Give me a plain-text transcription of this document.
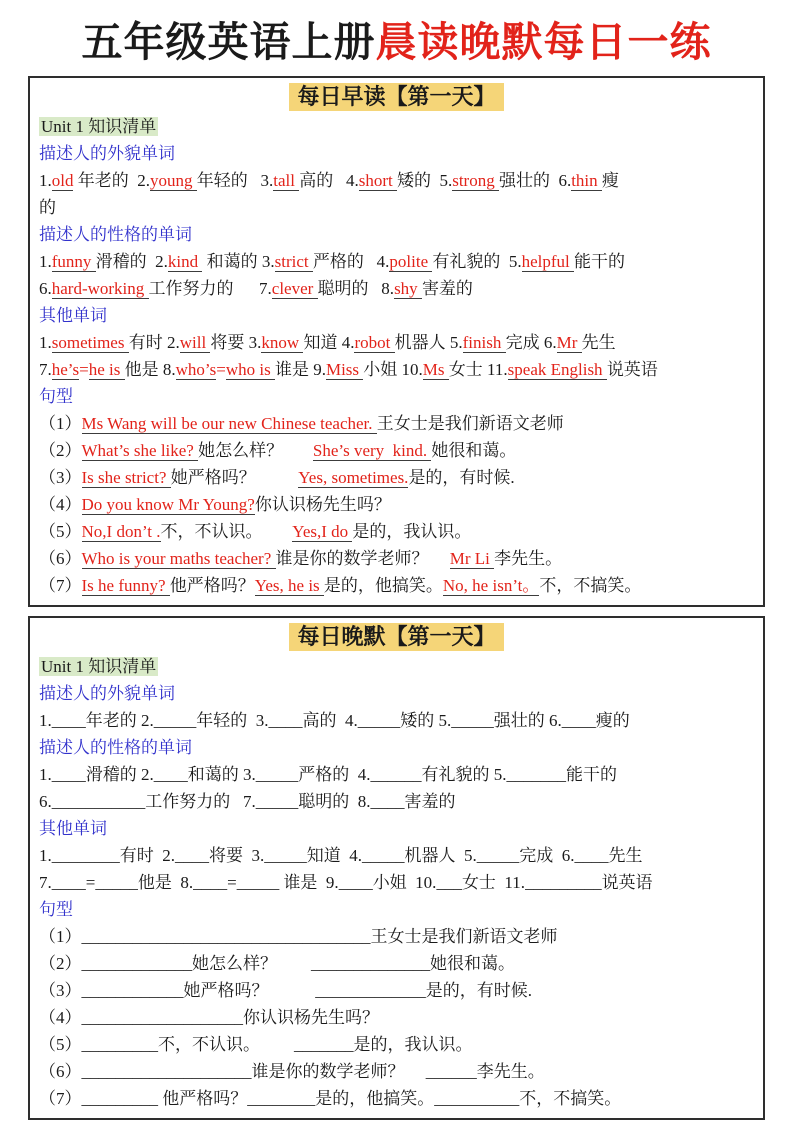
五年级英语上册晨读晚默每日一练
每日早读【第一天】
Unit 1 知识清单
描述人的外貌单词
1.old 年老的  2.young 年轻的   3.tall 高的   4.short 矮的  5.strong 强壮的  6.thin 瘦
的
描述人的性格的单词
1.funny 滑稽的  2.kind  和蔼的 3.strict 严格的   4.polite 有礼貌的  5.helpful 能干的
6.hard-working 工作努力的      7.clever 聪明的   8.shy 害羞的
其他单词
1.sometimes 有时 2.will 将要 3.know 知道 4.robot 机器人 5.finish 完成 6.Mr 先生
7.he’s=he is 他是 8.who’s=who is 谁是 9.Miss 小姐 10.Ms 女士 11.speak English 说英语
句型
（1）Ms Wang will be our new Chinese teacher. 王女士是我们新语文老师
（2）What’s she like? 她怎么样？       She’s very  kind. 她很和蔼。
（3）Is she strict? 她严格吗？          Yes, sometimes.是的，有时候.
（4）Do you know Mr Young?你认识杨先生吗？
（5）No,I don’t .不，不认识。       Yes,I do 是的，我认识。
（6）Who is your maths teacher? 谁是你的数学老师？     Mr Li 李先生。
（7）Is he funny? 他严格吗？Yes, he is 是的，他搞笑。No, he isn’t。不，不搞笑。
每日晚默【第一天】
Unit 1 知识清单
描述人的外貌单词
1.____年老的 2._____年轻的  3.____高的  4._____矮的 5._____强壮的 6.____瘦的
描述人的性格的单词
1.____滑稽的 2.____和蔼的 3._____严格的  4.______有礼貌的 5._______能干的
6.___________工作努力的   7._____聪明的  8.____害羞的
其他单词
1.________有时  2.____将要  3._____知道  4._____机器人  5._____完成  6.____先生
7.____=_____他是  8.____=_____ 谁是  9.____小姐  10.___女士  11._________说英语
句型
（1）__________________________________王女士是我们新语文老师
（2）_____________她怎么样？        ______________她很和蔼。
（3）____________她严格吗？           _____________是的，有时候.
（4）___________________你认识杨先生吗？
（5）_________不，不认识。        _______是的，我认识。
（6）____________________谁是你的数学老师？     ______李先生。
（7）_________ 他严格吗？________是的，他搞笑。__________不，不搞笑。
